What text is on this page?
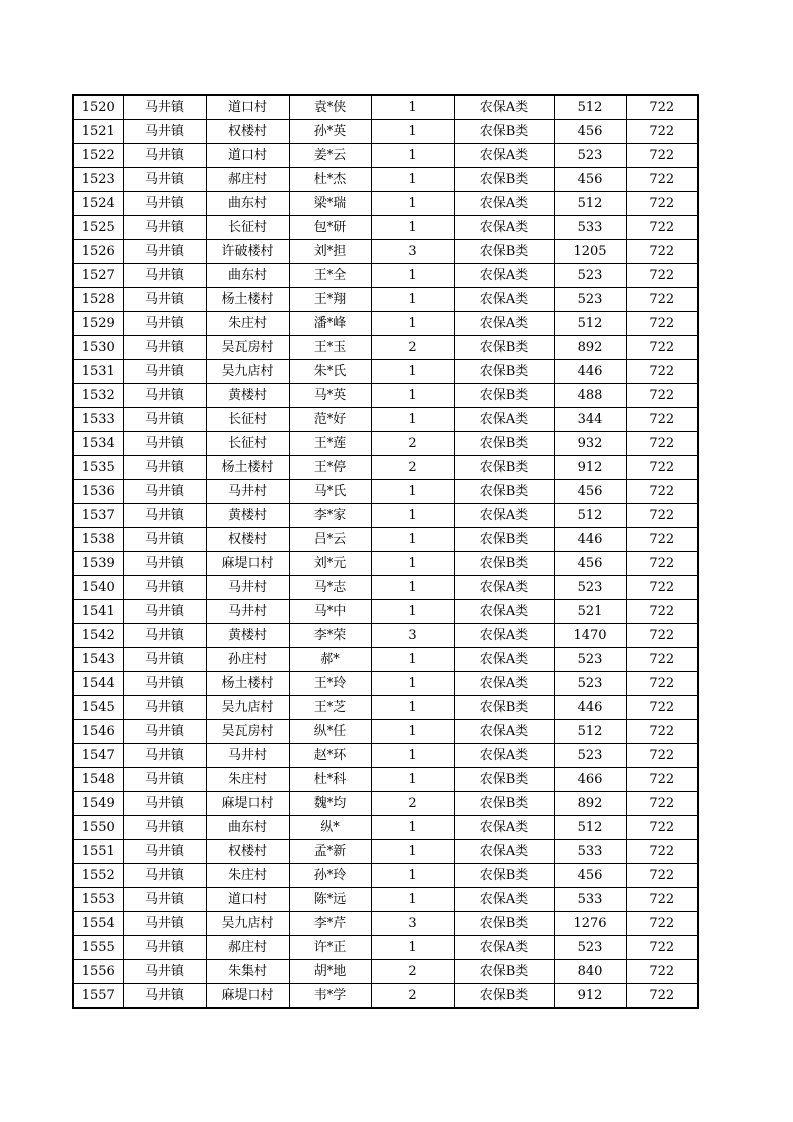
1520	马井镇	道口村	袁*侠	1	农保A类	512	722
1521	马井镇	权楼村	孙*英	1	农保B类	456	722
1522	马井镇	道口村	姜*云	1	农保A类	523	722
1523	马井镇	郝庄村	杜*杰	1	农保B类	456	722
1524	马井镇	曲东村	梁*瑞	1	农保A类	512	722
1525	马井镇	长征村	包*研	1	农保A类	533	722
1526	马井镇	许破楼村	刘*担	3	农保B类	1205	722
1527	马井镇	曲东村	王*全	1	农保A类	523	722
1528	马井镇	杨土楼村	王*翔	1	农保A类	523	722
1529	马井镇	朱庄村	潘*峰	1	农保A类	512	722
1530	马井镇	吴瓦房村	王*玉	2	农保B类	892	722
1531	马井镇	吴九店村	朱*氏	1	农保B类	446	722
1532	马井镇	黄楼村	马*英	1	农保B类	488	722
1533	马井镇	长征村	范*好	1	农保A类	344	722
1534	马井镇	长征村	王*莲	2	农保B类	932	722
1535	马井镇	杨土楼村	王*停	2	农保B类	912	722
1536	马井镇	马井村	马*氏	1	农保B类	456	722
1537	马井镇	黄楼村	李*家	1	农保A类	512	722
1538	马井镇	权楼村	吕*云	1	农保B类	446	722
1539	马井镇	麻堤口村	刘*元	1	农保B类	456	722
1540	马井镇	马井村	马*志	1	农保A类	523	722
1541	马井镇	马井村	马*中	1	农保A类	521	722
1542	马井镇	黄楼村	李*荣	3	农保A类	1470	722
1543	马井镇	孙庄村	郝*	1	农保A类	523	722
1544	马井镇	杨土楼村	王*玲	1	农保A类	523	722
1545	马井镇	吴九店村	王*芝	1	农保B类	446	722
1546	马井镇	吴瓦房村	纵*任	1	农保A类	512	722
1547	马井镇	马井村	赵*环	1	农保A类	523	722
1548	马井镇	朱庄村	杜*科	1	农保B类	466	722
1549	马井镇	麻堤口村	魏*均	2	农保B类	892	722
1550	马井镇	曲东村	纵*	1	农保A类	512	722
1551	马井镇	权楼村	孟*新	1	农保A类	533	722
1552	马井镇	朱庄村	孙*玲	1	农保B类	456	722
1553	马井镇	道口村	陈*远	1	农保A类	533	722
1554	马井镇	吴九店村	李*芹	3	农保B类	1276	722
1555	马井镇	郝庄村	许*正	1	农保A类	523	722
1556	马井镇	朱集村	胡*地	2	农保B类	840	722
1557	马井镇	麻堤口村	韦*学	2	农保B类	912	722
